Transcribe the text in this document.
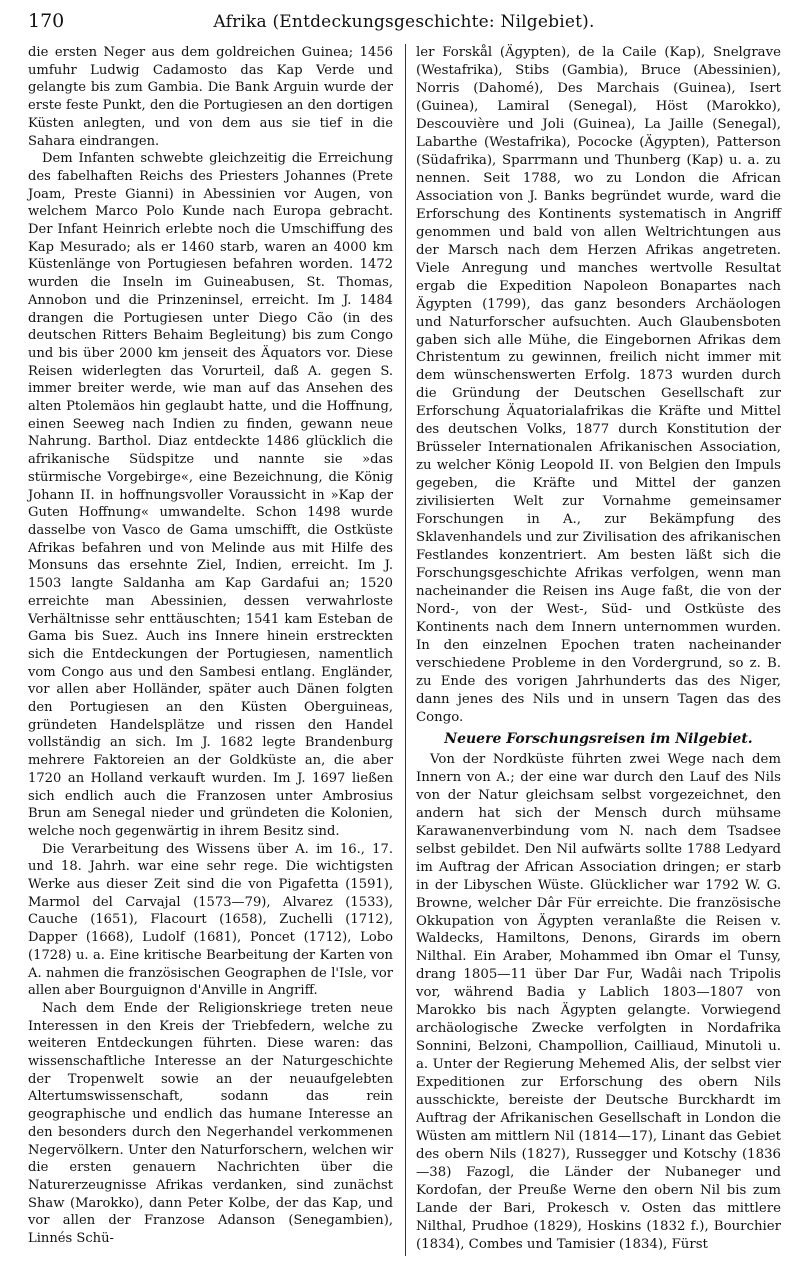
170	Afrika (Entdeckungsgeschichte: Nilgebiet).

die ersten Neger aus dem goldreichen Guinea; 1456 umfuhr Ludwig Cadamosto das Kap Verde und gelangte bis zum Gambia. Die Bank Arguin wurde der erste feste Punkt, den die Portugiesen an den dortigen Küsten anlegten, und von dem aus sie tief in die Sahara eindrangen.

Dem Infanten schwebte gleichzeitig die Erreichung des fabelhaften Reichs des Priesters Johannes (Prete Joam, Preste Gianni) in Abessinien vor Augen, von welchem Marco Polo Kunde nach Europa gebracht. Der Infant Heinrich erlebte noch die Umschiffung des Kap Mesurado; als er 1460 starb, waren an 4000 km Küstenlänge von Portugiesen befahren worden. 1472 wurden die Inseln im Guineabusen, St. Thomas, Annobon und die Prinzeninsel, erreicht. Im J. 1484 drangen die Portugiesen unter Diego Cão (in des deutschen Ritters Behaim Begleitung) bis zum Congo und bis über 2000 km jenseit des Äquators vor. Diese Reisen widerlegten das Vorurteil, daß A. gegen S. immer breiter werde, wie man auf das Ansehen des alten Ptolemäos hin geglaubt hatte, und die Hoffnung, einen Seeweg nach Indien zu finden, gewann neue Nahrung. Barthol. Diaz entdeckte 1486 glücklich die afrikanische Südspitze und nannte sie »das stürmische Vorgebirge«, eine Bezeichnung, die König Johann II. in hoffnungsvoller Voraussicht in »Kap der Guten Hoffnung« umwandelte. Schon 1498 wurde dasselbe von Vasco de Gama umschifft, die Ostküste Afrikas befahren und von Melinde aus mit Hilfe des Monsuns das ersehnte Ziel, Indien, erreicht. Im J. 1503 langte Saldanha am Kap Gardafui an; 1520 erreichte man Abessinien, dessen verwahrloste Verhältnisse sehr enttäuschten; 1541 kam Esteban de Gama bis Suez. Auch ins Innere hinein erstreckten sich die Entdeckungen der Portugiesen, namentlich vom Congo aus und den Sambesi entlang. Engländer, vor allen aber Holländer, später auch Dänen folgten den Portugiesen an den Küsten Oberguineas, gründeten Handelsplätze und rissen den Handel vollständig an sich. Im J. 1682 legte Brandenburg mehrere Faktoreien an der Goldküste an, die aber 1720 an Holland verkauft wurden. Im J. 1697 ließen sich endlich auch die Franzosen unter Ambrosius Brun am Senegal nieder und gründeten die Kolonien, welche noch gegenwärtig in ihrem Besitz sind.

Die Verarbeitung des Wissens über A. im 16., 17. und 18. Jahrh. war eine sehr rege. Die wichtigsten Werke aus dieser Zeit sind die von Pigafetta (1591), Marmol del Carvajal (1573—79), Alvarez (1533), Cauche (1651), Flacourt (1658), Zuchelli (1712), Dapper (1668), Ludolf (1681), Poncet (1712), Lobo (1728) u. a. Eine kritische Bearbeitung der Karten von A. nahmen die französischen Geographen de l'Isle, vor allen aber Bourguignon d'Anville in Angriff.

Nach dem Ende der Religionskriege treten neue Interessen in den Kreis der Triebfedern, welche zu weiteren Entdeckungen führten. Diese waren: das wissenschaftliche Interesse an der Naturgeschichte der Tropenwelt sowie an der neuaufgelebten Altertumswissenschaft, sodann das rein geographische und endlich das humane Interesse an den besonders durch den Negerhandel verkommenen Negervölkern. Unter den Naturforschern, welchen wir die ersten genauern Nachrichten über die Naturerzeugnisse Afrikas verdanken, sind zunächst Shaw (Marokko), dann Peter Kolbe, der das Kap, und vor allen der Franzose Adanson (Senegambien), Linnés Schü-

ler Forskål (Ägypten), de la Caile (Kap), Snelgrave (Westafrika), Stibs (Gambia), Bruce (Abessinien), Norris (Dahomé), Des Marchais (Guinea), Isert (Guinea), Lamiral (Senegal), Höst (Marokko), Descouvière und Joli (Guinea), La Jaille (Senegal), Labarthe (Westafrika), Pococke (Ägypten), Patterson (Südafrika), Sparrmann und Thunberg (Kap) u. a. zu nennen. Seit 1788, wo zu London die African Association von J. Banks begründet wurde, ward die Erforschung des Kontinents systematisch in Angriff genommen und bald von allen Weltrichtungen aus der Marsch nach dem Herzen Afrikas angetreten. Viele Anregung und manches wertvolle Resultat ergab die Expedition Napoleon Bonapartes nach Ägypten (1799), das ganz besonders Archäologen und Naturforscher aufsuchten. Auch Glaubensboten gaben sich alle Mühe, die Eingebornen Afrikas dem Christentum zu gewinnen, freilich nicht immer mit dem wünschenswerten Erfolg. 1873 wurden durch die Gründung der Deutschen Gesellschaft zur Erforschung Äquatorialafrikas die Kräfte und Mittel des deutschen Volks, 1877 durch Konstitution der Brüsseler Internationalen Afrikanischen Association, zu welcher König Leopold II. von Belgien den Impuls gegeben, die Kräfte und Mittel der ganzen zivilisierten Welt zur Vornahme gemeinsamer Forschungen in A., zur Bekämpfung des Sklavenhandels und zur Zivilisation des afrikanischen Festlandes konzentriert. Am besten läßt sich die Forschungsgeschichte Afrikas verfolgen, wenn man nacheinander die Reisen ins Auge faßt, die von der Nord-, von der West-, Süd- und Ostküste des Kontinents nach dem Innern unternommen wurden. In den einzelnen Epochen traten nacheinander verschiedene Probleme in den Vordergrund, so z. B. zu Ende des vorigen Jahrhunderts das des Niger, dann jenes des Nils und in unsern Tagen das des Congo.

Neuere Forschungsreisen im Nilgebiet.

Von der Nordküste führten zwei Wege nach dem Innern von A.; der eine war durch den Lauf des Nils von der Natur gleichsam selbst vorgezeichnet, den andern hat sich der Mensch durch mühsame Karawanenverbindung vom N. nach dem Tsadsee selbst gebildet. Den Nil aufwärts sollte 1788 Ledyard im Auftrag der African Association dringen; er starb in der Libyschen Wüste. Glücklicher war 1792 W. G. Browne, welcher Dâr Für erreichte. Die französische Okkupation von Ägypten veranlaßte die Reisen v. Waldecks, Hamiltons, Denons, Girards im obern Nilthal. Ein Araber, Mohammed ibn Omar el Tunsy, drang 1805—11 über Dar Fur, Wadâi nach Tripolis vor, während Badia y Lablich 1803—1807 von Marokko bis nach Ägypten gelangte. Vorwiegend archäologische Zwecke verfolgten in Nordafrika Sonnini, Belzoni, Champollion, Cailliaud, Minutoli u. a. Unter der Regierung Mehemed Alis, der selbst vier Expeditionen zur Erforschung des obern Nils ausschickte, bereiste der Deutsche Burckhardt im Auftrag der Afrikanischen Gesellschaft in London die Wüsten am mittlern Nil (1814—17), Linant das Gebiet des obern Nils (1827), Russegger und Kotschy (1836—38) Fazogl, die Länder der Nubaneger und Kordofan, der Preuße Werne den obern Nil bis zum Lande der Bari, Prokesch v. Osten das mittlere Nilthal, Prudhoe (1829), Hoskins (1832 f.), Bourchier (1834), Combes und Tamisier (1834), Fürst
